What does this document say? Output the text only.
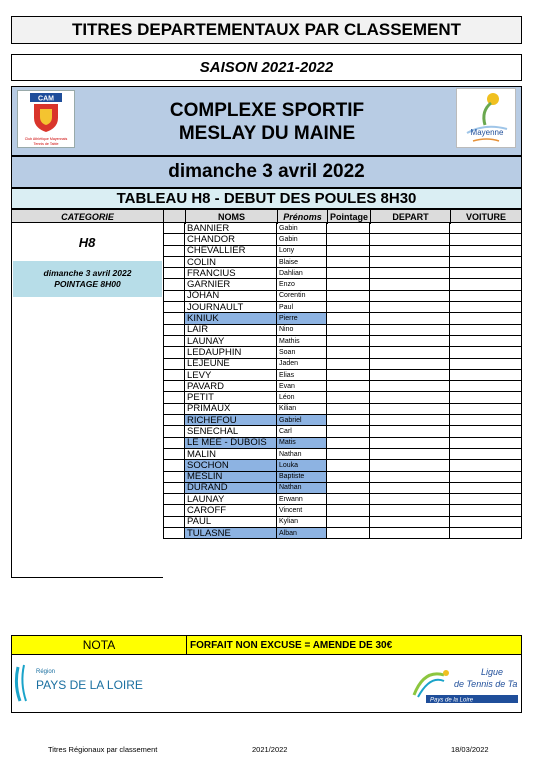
TITRES DEPARTEMENTAUX PAR CLASSEMENT
SAISON 2021-2022
CAM
Club Athlétique Mayennais
Tennis de Table
COMPLEXE SPORTIF
MESLAY DU MAINE	Mayenne
dimanche 3 avril 2022
TABLEAU H8 - DEBUT DES POULES 8H30
CATEGORIE	NOMS	Prénoms Pointage	DEPART	VOITURE
H8
dimanche 3 avril 2022
POINTAGE 8H00
BANNIER	Gabin
CHANDOR	Gabin
CHEVALLIER	Lony
COLIN	Blaise
FRANCIUS	Dahlian
GARNIER	Enzo
JOHAN	Corentin
JOURNAULT	Paul
KINIUK	Pierre
LAIR	Nino
LAUNAY	Mathis
LEDAUPHIN	Soan
LEJEUNE	Jaden
LEVY	Elias
PAVARD	Evan
PETIT	Léon
PRIMAUX	Kilian
RICHEFOU	Gabriel
SENECHAL	Carl
LE MEE - DUBOIS	Matis
MALIN	Nathan
SOCHON	Louka
MESLIN	Baptiste
DURAND	Nathan
LAUNAY	Erwann
CAROFF	Vincent
PAUL	Kylian
TULASNE	Alban
NOTA	FORFAIT NON EXCUSE = AMENDE DE 30€
Région
PAYS DE LA LOIRE
Ligue
de Tennis de Ta
Pays de la Loire
Titres Régionaux par classement	2021/2022	18/03/2022
